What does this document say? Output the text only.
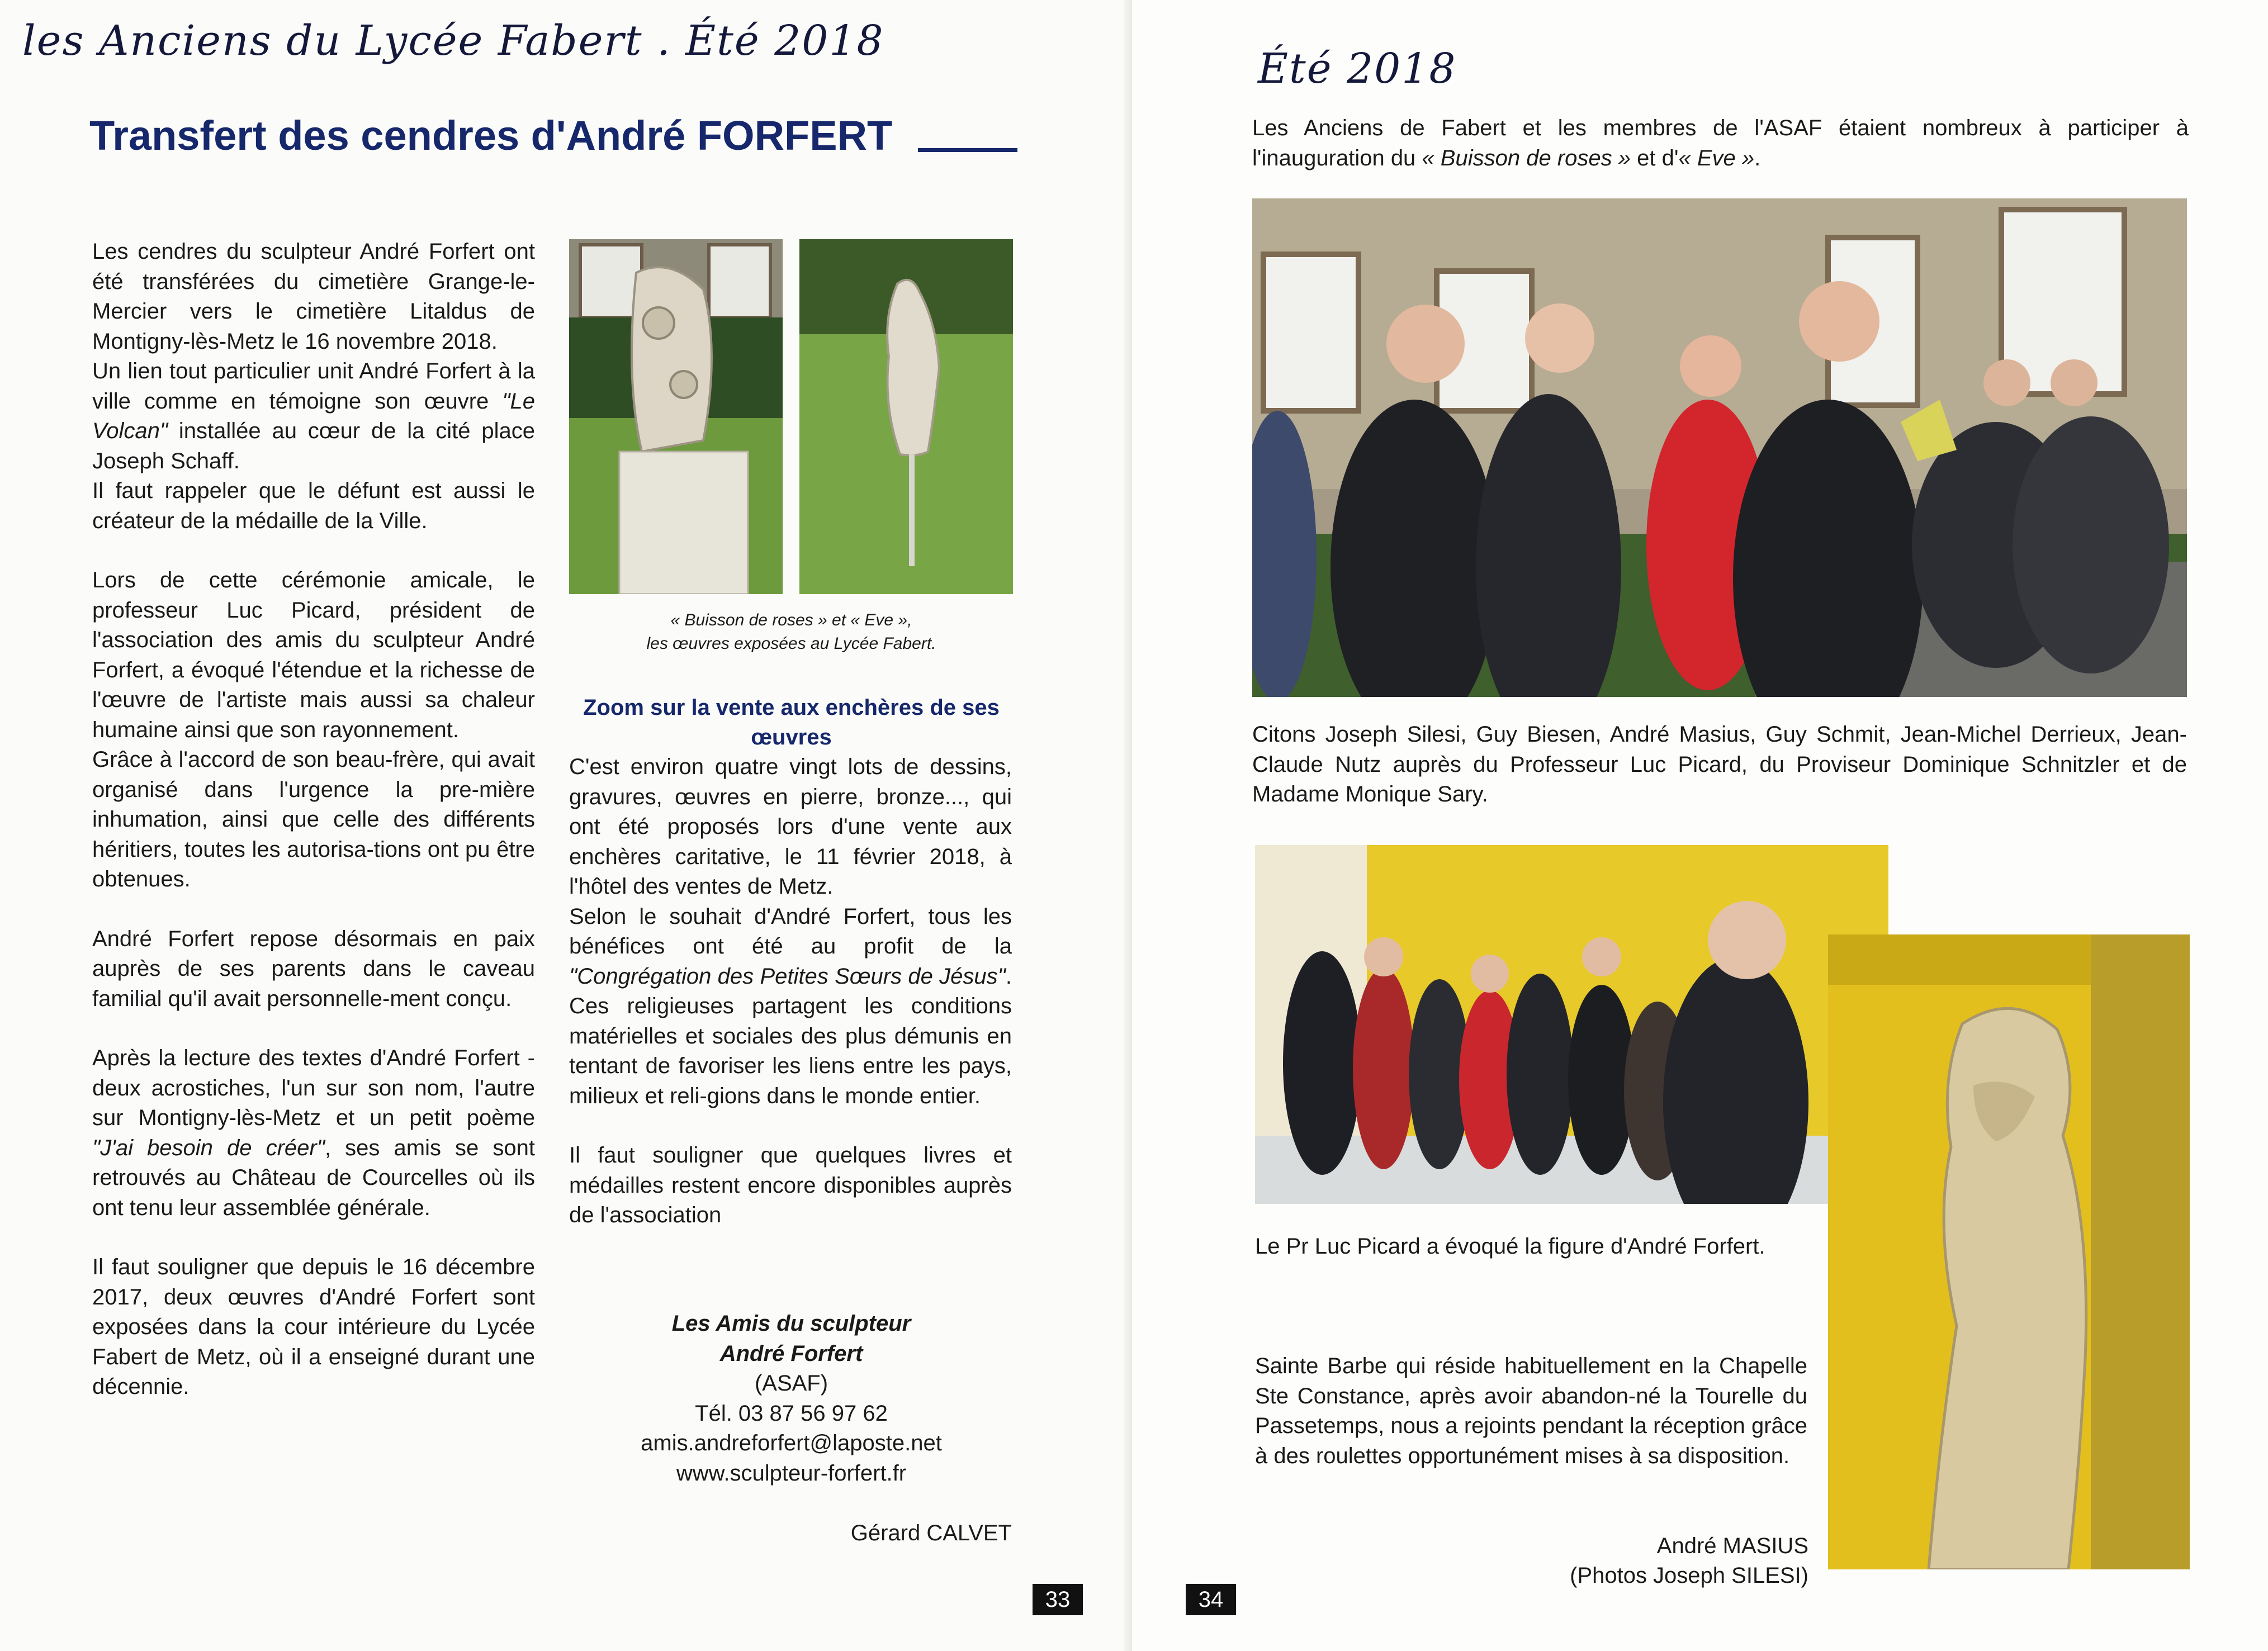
les Anciens du Lycée Fabert . Été 2018
Transfert des cendres d'André FORFERT

Les cendres du sculpteur André Forfert ont été transférées du cimetière Grange-le-Mercier vers le cimetière Litaldus de Montigny-lès-Metz le 16 novembre 2018.

Un lien tout particulier unit André Forfert à la ville comme en témoigne son œuvre "Le Volcan" installée au cœur de la cité place Joseph Schaff.

Il faut rappeler que le défunt est aussi le créateur de la médaille de la Ville.

Lors de cette cérémonie amicale, le professeur Luc Picard, président de l'association des amis du sculpteur André Forfert, a évoqué l'étendue et la richesse de l'œuvre de l'artiste mais aussi sa chaleur humaine ainsi que son rayonnement.

Grâce à l'accord de son beau-frère, qui avait organisé dans l'urgence la pre-mière inhumation, ainsi que celle des différents héritiers, toutes les autorisa-tions ont pu être obtenues.

André Forfert repose désormais en paix auprès de ses parents dans le caveau familial qu'il avait personnelle-ment conçu.

Après la lecture des textes d'André Forfert - deux acrostiches, l'un sur son nom, l'autre sur Montigny-lès-Metz et un petit poème "J'ai besoin de créer", ses amis se sont retrouvés au Château de Courcelles où ils ont tenu leur assemblée générale.

Il faut souligner que depuis le 16 décembre 2017, deux œuvres d'André Forfert sont exposées dans la cour intérieure du Lycée Fabert de Metz, où il a enseigné durant une décennie.

« Buisson de roses » et « Eve »,
les œuvres exposées au Lycée Fabert.
Zoom sur la vente aux enchères de ses œuvres

C'est environ quatre vingt lots de dessins, gravures, œuvres en pierre, bronze..., qui ont été proposés lors d'une vente aux enchères caritative, le 11 février 2018, à l'hôtel des ventes de Metz.

Selon le souhait d'André Forfert, tous les bénéfices ont été au profit de la "Congrégation des Petites Sœurs de Jésus". Ces religieuses partagent les conditions matérielles et sociales des plus démunis en tentant de favoriser les liens entre les pays, milieux et reli-gions dans le monde entier.

Il faut souligner que quelques livres et médailles restent encore disponibles auprès de l'association

Les Amis du sculpteur
André Forfert
(ASAF)
Tél. 03 87 56 97 62
amis.andreforfert@laposte.net
www.sculpteur-forfert.fr
Gérard CALVET
33
Été 2018
Les Anciens de Fabert et les membres de l'ASAF étaient nombreux à participer à l'inauguration du « Buisson de roses » et d'« Eve ».
Citons Joseph Silesi, Guy Biesen, André Masius, Guy Schmit, Jean-Michel Derrieux, Jean-Claude Nutz auprès du Professeur Luc Picard, du Proviseur Dominique Schnitzler et de Madame Monique Sary.
Le Pr Luc Picard a évoqué la figure d'André Forfert.
Sainte Barbe qui réside habituellement en la Chapelle Ste Constance, après avoir abandon-né la Tourelle du Passetemps, nous a rejoints pendant la réception grâce à des roulettes opportunément mises à sa disposition.
André MASIUS
(Photos Joseph SILESI)
34
